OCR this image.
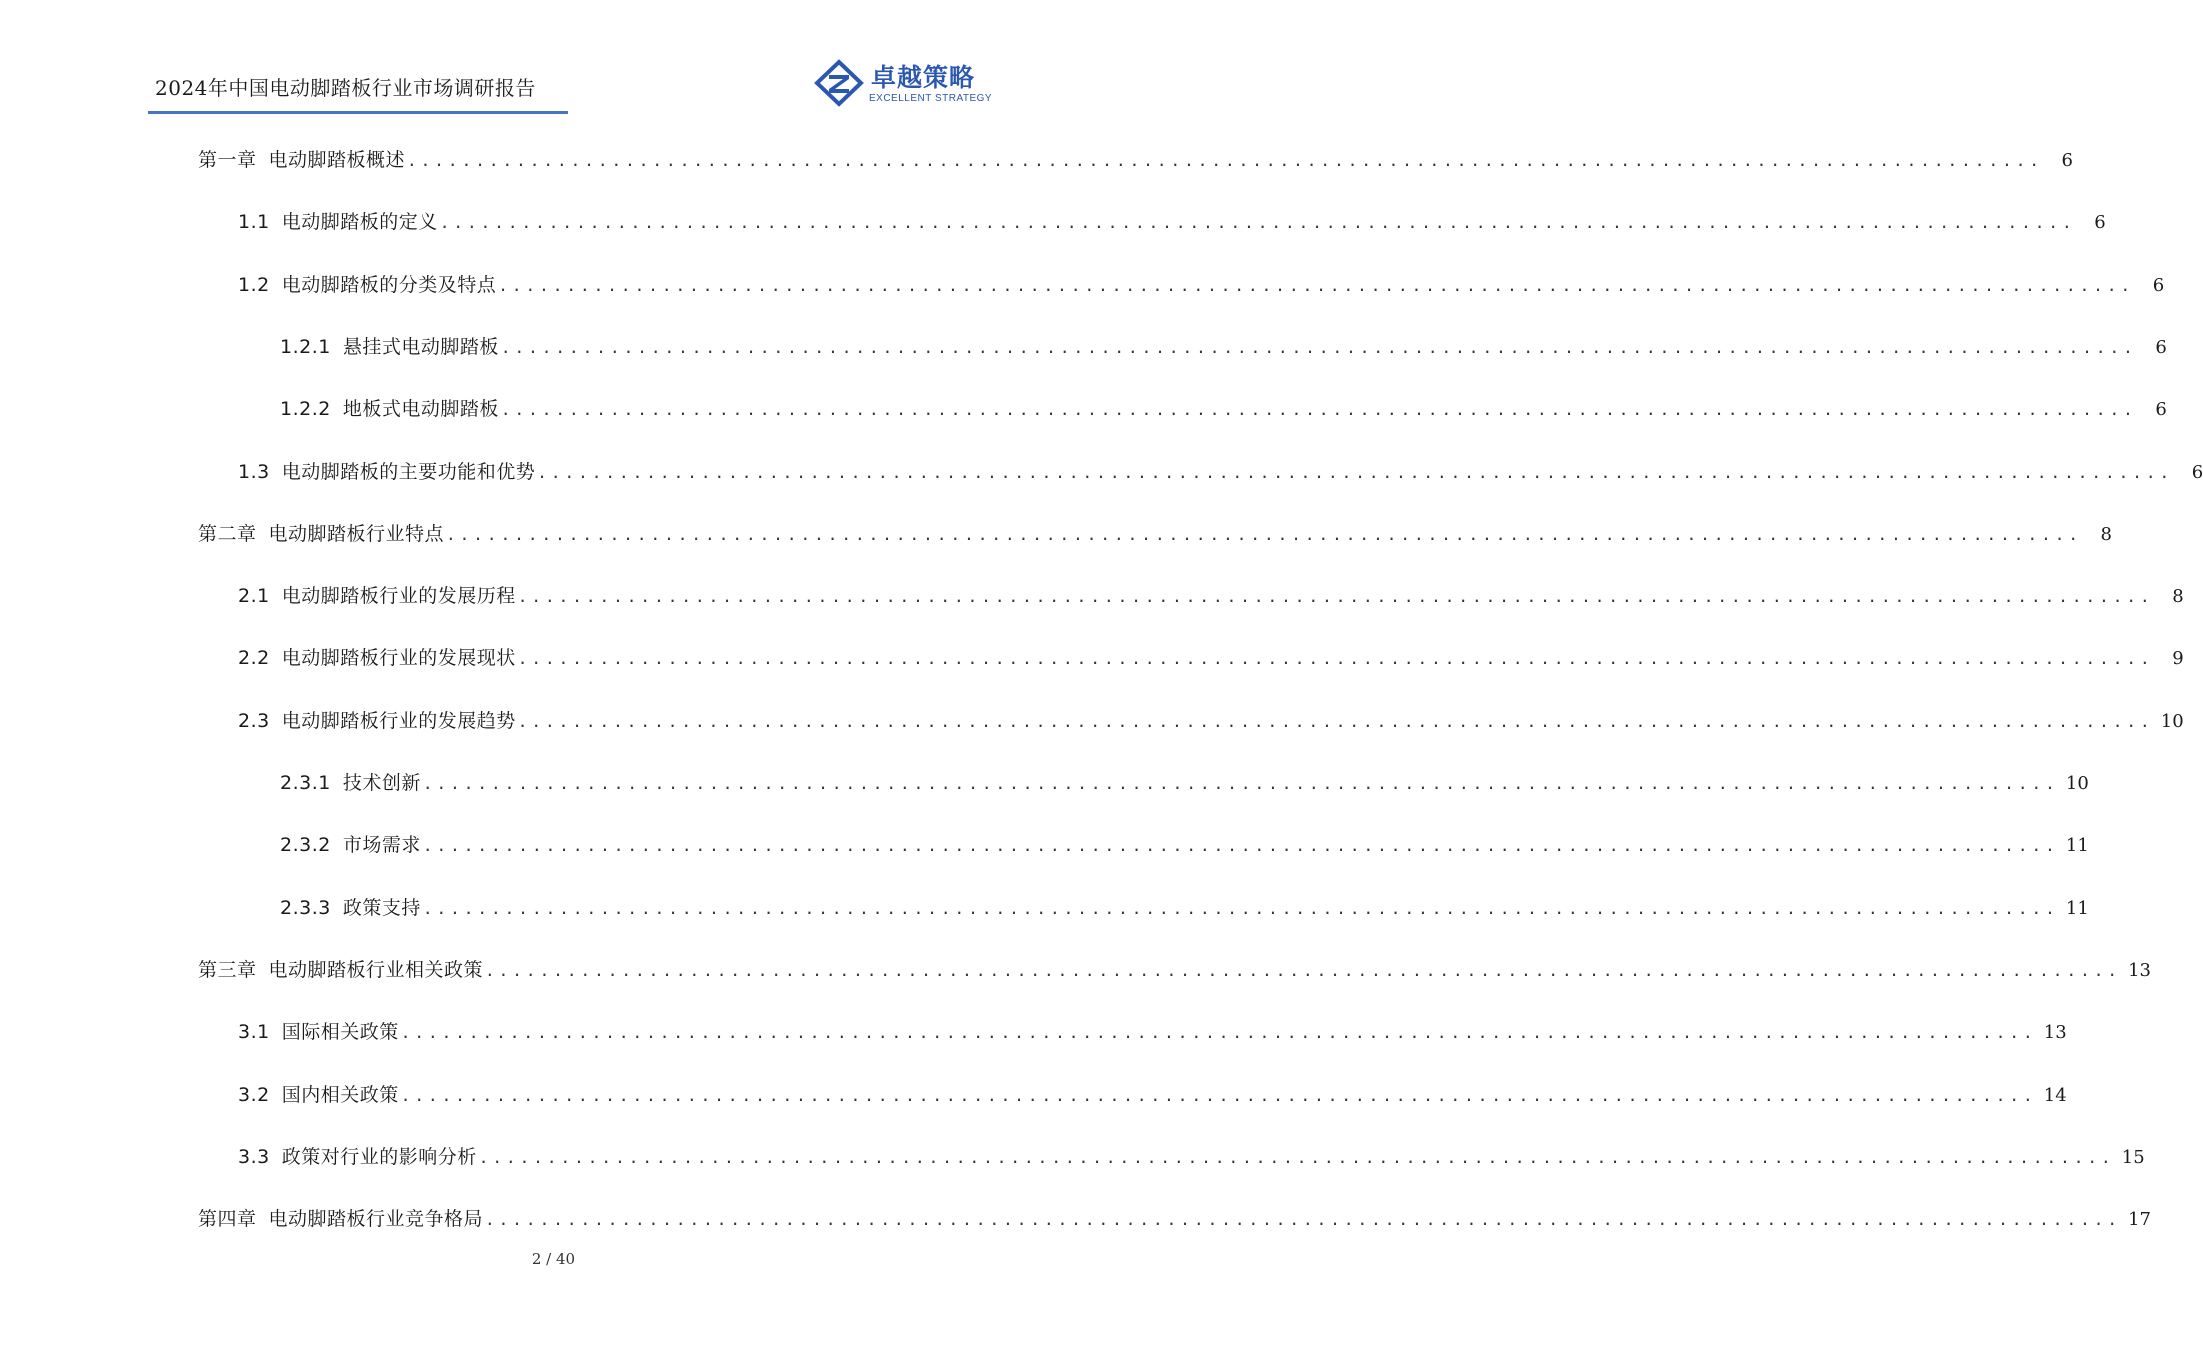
2024年中国电动脚踏板行业市场调研报告	卓越策略
EXCELLENT STRATEGY
第一章 电动脚踏板概述 ........................................................................................................................	6
1.1 电动脚踏板的定义 ........................................................................................................................	6
1.2 电动脚踏板的分类及特点 ........................................................................................................................	6
1.2.1 悬挂式电动脚踏板 ........................................................................................................................	6
1.2.2 地板式电动脚踏板 ........................................................................................................................	6
1.3 电动脚踏板的主要功能和优势 ........................................................................................................................	6
第二章 电动脚踏板行业特点 ........................................................................................................................	8
2.1 电动脚踏板行业的发展历程 ........................................................................................................................	8
2.2 电动脚踏板行业的发展现状 ........................................................................................................................	9
2.3 电动脚踏板行业的发展趋势 ........................................................................................................................ 10
2.3.1 技术创新 ........................................................................................................................ 10
2.3.2 市场需求 ........................................................................................................................ 11
2.3.3 政策支持 ........................................................................................................................ 11
第三章 电动脚踏板行业相关政策 ........................................................................................................................ 13
3.1 国际相关政策 ........................................................................................................................ 13
3.2 国内相关政策 ........................................................................................................................ 14
3.3 政策对行业的影响分析 ........................................................................................................................ 15
第四章 电动脚踏板行业竞争格局 ........................................................................................................................ 17
2 / 40
